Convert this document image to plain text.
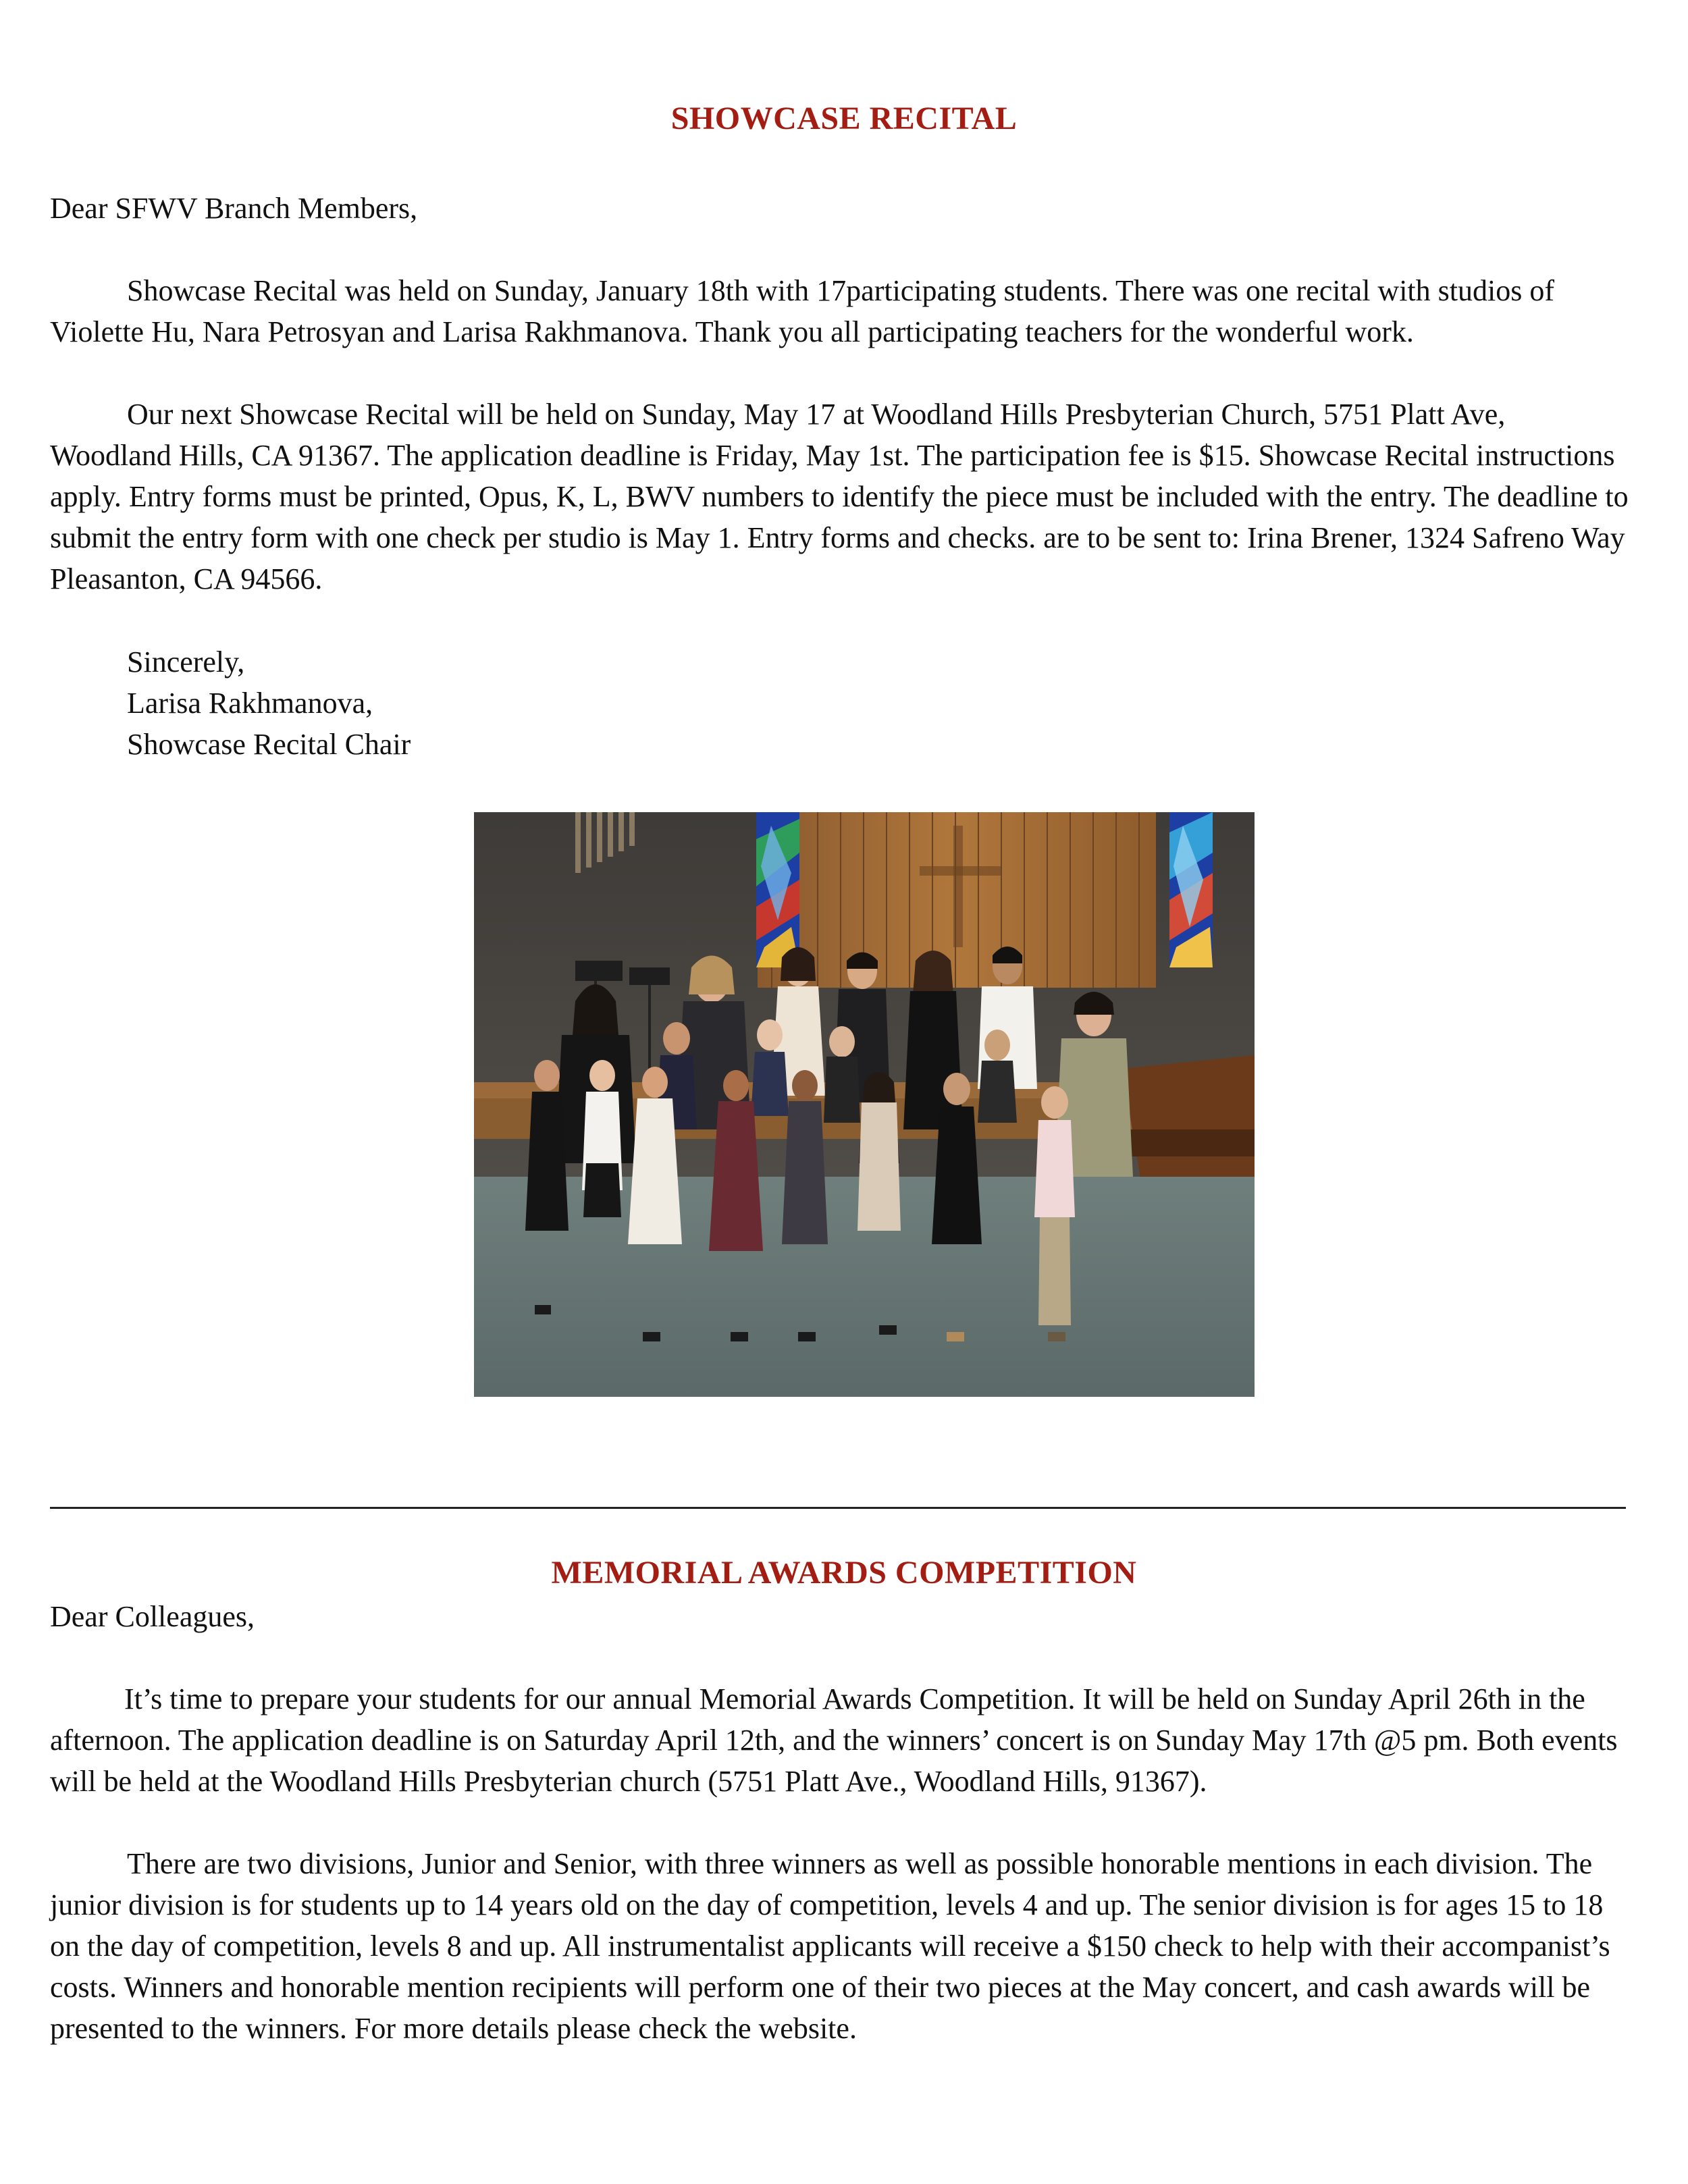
SHOWCASE RECITAL
Dear SFWV Branch Members,
Showcase Recital was held on Sunday, January 18th with 17participating students. There was one recital with studios of Violette Hu, Nara Petrosyan and Larisa Rakhmanova. Thank you all participating teachers for the wonderful work.
Our next Showcase Recital will be held on Sunday, May 17 at Woodland Hills Presbyterian Church, 5751 Platt Ave, Woodland Hills, CA 91367. The application deadline is Friday, May 1st. The participation fee is $15. Showcase Recital instructions apply. Entry forms must be printed, Opus, K, L, BWV numbers to identify the piece must be included with the entry. The deadline to submit the entry form with one check per studio is May 1. Entry forms and checks. are to be sent to: Irina Brener, 1324 Safreno Way Pleasanton, CA 94566.
Sincerely,
Larisa Rakhmanova,
Showcase Recital Chair
MEMORIAL AWARDS COMPETITION
Dear Colleagues,
It’s time to prepare your students for our annual Memorial Awards Competition. It will be held on Sunday April 26th in the afternoon. The application deadline is on Saturday April 12th, and the winners’ concert is on Sunday May 17th @5 pm. Both events will be held at the Woodland Hills Presbyterian church (5751 Platt Ave., Woodland Hills, 91367).
There are two divisions, Junior and Senior, with three winners as well as possible honorable mentions in each division. The junior division is for students up to 14 years old on the day of competition, levels 4 and up. The senior division is for ages 15 to 18 on the day of competition, levels 8 and up. All instrumentalist applicants will receive a $150 check to help with their accompanist’s costs. Winners and honorable mention recipients will perform one of their two pieces at the May concert, and cash awards will be presented to the winners. For more details please check the website.
